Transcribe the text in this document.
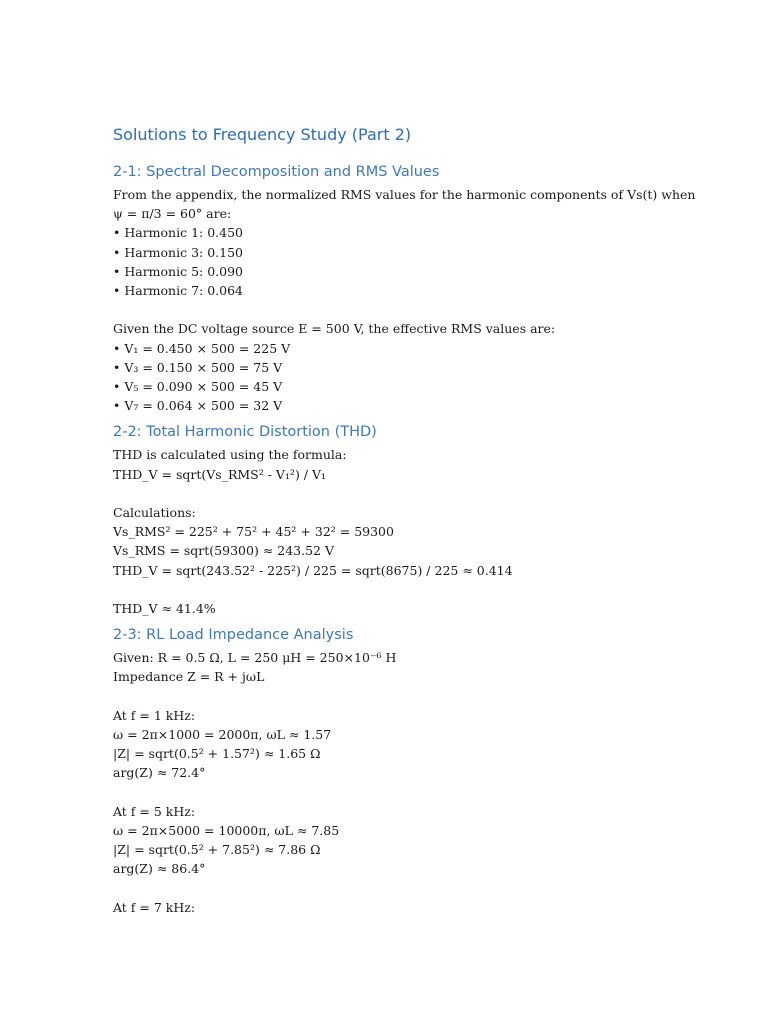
Solutions to Frequency Study (Part 2)
2-1: Spectral Decomposition and RMS Values
From the appendix, the normalized RMS values for the harmonic components of Vs(t) when
ψ = π/3 = 60° are:
• Harmonic 1: 0.450
• Harmonic 3: 0.150
• Harmonic 5: 0.090
• Harmonic 7: 0.064
Given the DC voltage source E = 500 V, the effective RMS values are:
• V₁ = 0.450 × 500 = 225 V
• V₃ = 0.150 × 500 = 75 V
• V₅ = 0.090 × 500 = 45 V
• V₇ = 0.064 × 500 = 32 V
2-2: Total Harmonic Distortion (THD)
THD is calculated using the formula:
THD_V = sqrt(Vs_RMS² - V₁²) / V₁
Calculations:
Vs_RMS² = 225² + 75² + 45² + 32² = 59300
Vs_RMS = sqrt(59300) ≈ 243.52 V
THD_V = sqrt(243.52² - 225²) / 225 = sqrt(8675) / 225 ≈ 0.414
THD_V ≈ 41.4%
2-3: RL Load Impedance Analysis
Given: R = 0.5 Ω, L = 250 μH = 250×10⁻⁶ H
Impedance Z = R + jωL
At f = 1 kHz:
ω = 2π×1000 = 2000π, ωL ≈ 1.57
|Z| = sqrt(0.5² + 1.57²) ≈ 1.65 Ω
arg(Z) ≈ 72.4°
At f = 5 kHz:
ω = 2π×5000 = 10000π, ωL ≈ 7.85
|Z| = sqrt(0.5² + 7.85²) ≈ 7.86 Ω
arg(Z) ≈ 86.4°
At f = 7 kHz:
